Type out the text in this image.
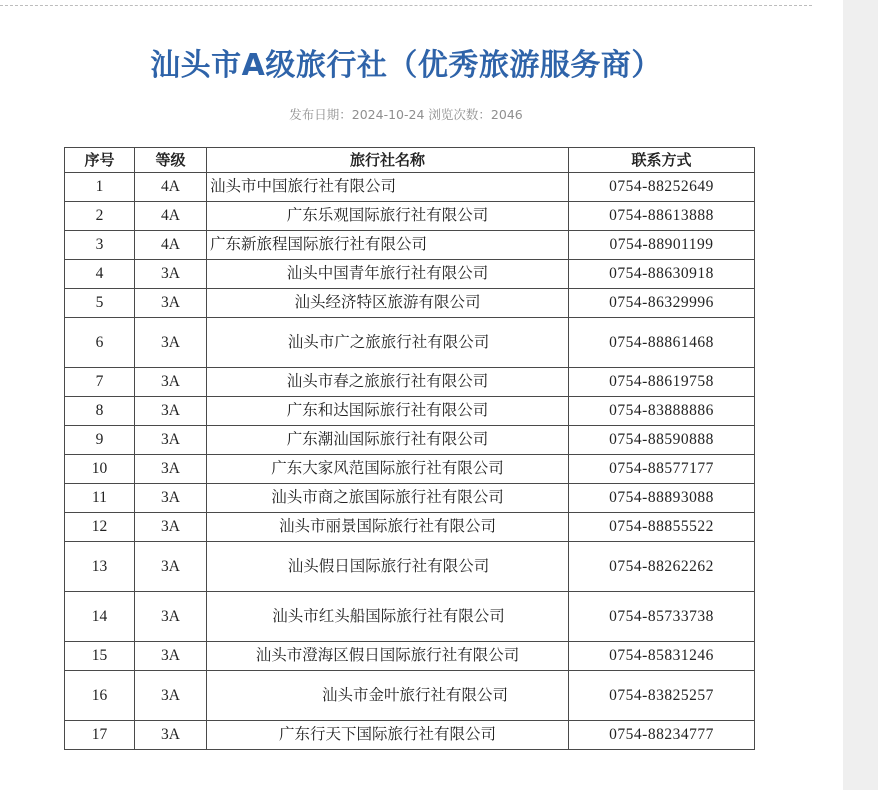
汕头市A级旅行社（优秀旅游服务商）
发布日期：2024-10-24 浏览次数：2046
序号	等级	旅行社名称	联系方式
1	4A	汕头市中国旅行社有限公司	0754-88252649
2	4A	广东乐观国际旅行社有限公司	0754-88613888
3	4A	广东新旅程国际旅行社有限公司	0754-88901199
4	3A	汕头中国青年旅行社有限公司	0754-88630918
5	3A	汕头经济特区旅游有限公司	0754-86329996
6	3A	汕头市广之旅旅行社有限公司	0754-88861468
7	3A	汕头市春之旅旅行社有限公司	0754-88619758
8	3A	广东和达国际旅行社有限公司	0754-83888886
9	3A	广东潮汕国际旅行社有限公司	0754-88590888
10	3A	广东大家风范国际旅行社有限公司	0754-88577177
11	3A	汕头市商之旅国际旅行社有限公司	0754-88893088
12	3A	汕头市丽景国际旅行社有限公司	0754-88855522
13	3A	汕头假日国际旅行社有限公司	0754-88262262
14	3A	汕头市红头船国际旅行社有限公司	0754-85733738
15	3A	汕头市澄海区假日国际旅行社有限公司	0754-85831246
16	3A	汕头市金叶旅行社有限公司	0754-83825257
17	3A	广东行天下国际旅行社有限公司	0754-88234777
